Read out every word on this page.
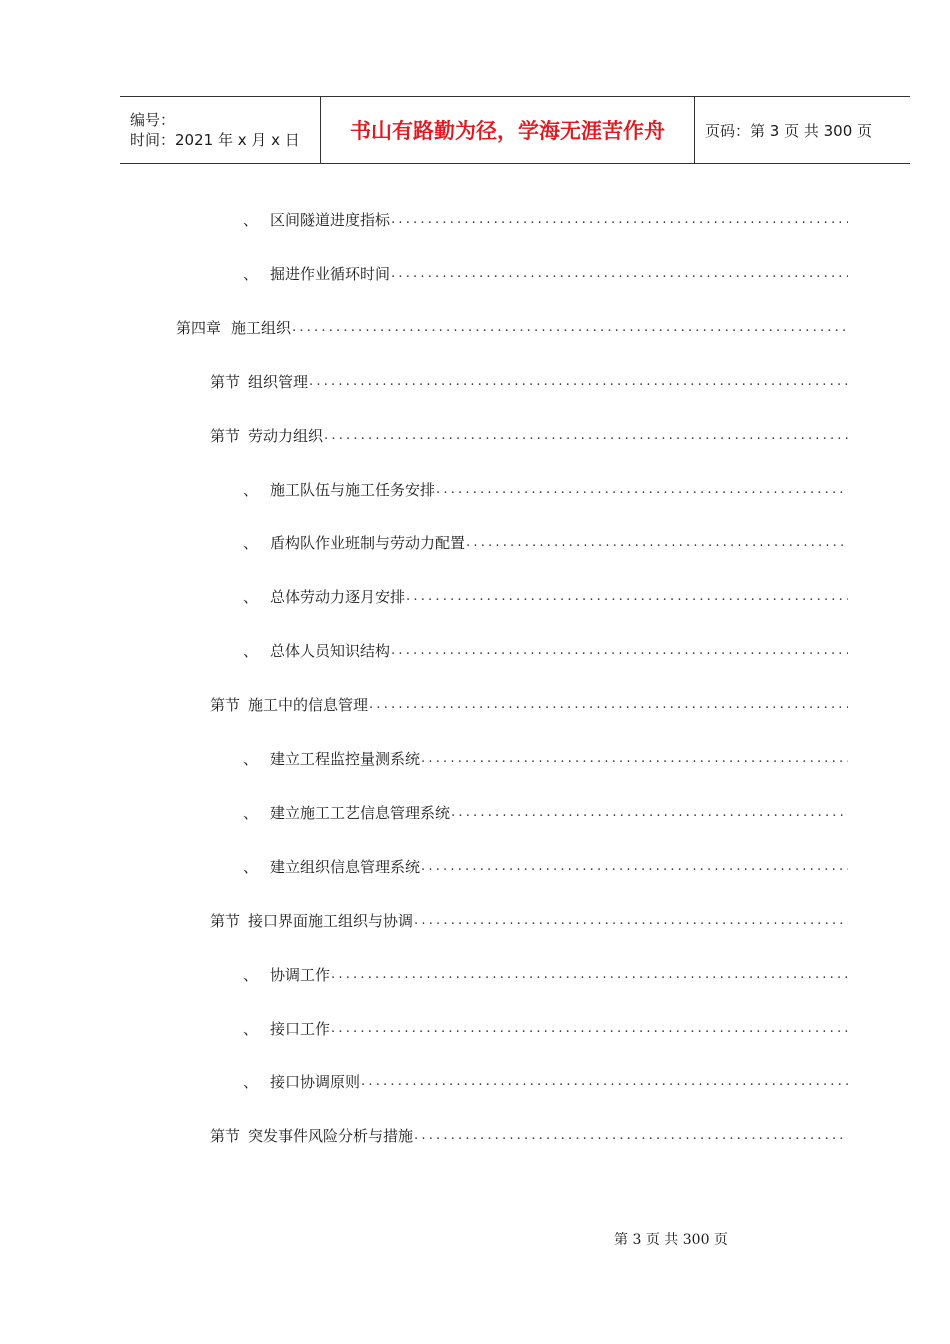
编号：
时间：2021 年 x 月 x 日	书山有路勤为径，学海无涯苦作舟	页码：第 3 页 共 300 页
、 区间隧道进度指标
.....
、 掘进作业循环时间
.....
第四章 施工组织
.....
第节 组织管理
.....
第节 劳动力组织
.....
、 施工队伍与施工任务安排
.....
、 盾构队作业班制与劳动力配置
.....
、 总体劳动力逐月安排
.....
、 总体人员知识结构
.....
第节 施工中的信息管理
.....
、 建立工程监控量测系统
.....
、 建立施工工艺信息管理系统
.....
、 建立组织信息管理系统
.....
第节 接口界面施工组织与协调
.....
、 协调工作
.....
、 接口工作
.....
、 接口协调原则
.....
第节 突发事件风险分析与措施
.....
第 3 页 共 300 页
